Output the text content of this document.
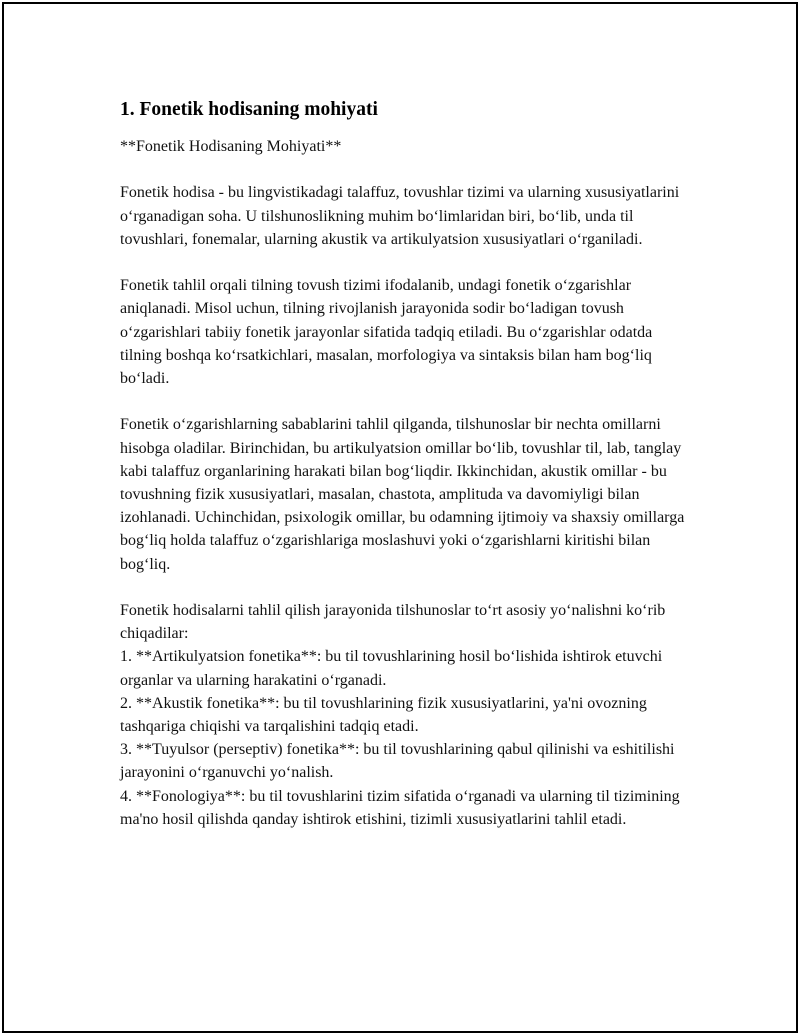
1. Fonetik hodisaning mohiyati
**Fonetik Hodisaning Mohiyati**

Fonetik hodisa - bu lingvistikadagi talaffuz, tovushlar tizimi va ularning xususiyatlarini oʻrganadigan soha. U tilshunoslikning muhim boʻlimlaridan biri, boʻlib, unda til tovushlari, fonemalar, ularning akustik va artikulyatsion xususiyatlari oʻrganiladi.

Fonetik tahlil orqali tilning tovush tizimi ifodalanib, undagi fonetik oʻzgarishlar aniqlanadi. Misol uchun, tilning rivojlanish jarayonida sodir boʻladigan tovush oʻzgarishlari tabiiy fonetik jarayonlar sifatida tadqiq etiladi. Bu oʻzgarishlar odatda tilning boshqa koʻrsatkichlari, masalan, morfologiya va sintaksis bilan ham bogʻliq boʻladi.

Fonetik oʻzgarishlarning sabablarini tahlil qilganda, tilshunoslar bir nechta omillarni hisobga oladilar. Birinchidan, bu artikulyatsion omillar boʻlib, tovushlar til, lab, tanglay kabi talaffuz organlarining harakati bilan bogʻliqdir. Ikkinchidan, akustik omillar - bu tovushning fizik xususiyatlari, masalan, chastota, amplituda va davomiyligi bilan izohlanadi. Uchinchidan, psixologik omillar, bu odamning ijtimoiy va shaxsiy omillarga bogʻliq holda talaffuz oʻzgarishlariga moslashuvi yoki oʻzgarishlarni kiritishi bilan bogʻliq.

Fonetik hodisalarni tahlil qilish jarayonida tilshunoslar toʻrt asosiy yoʻnalishni koʻrib chiqadilar:
1. **Artikulyatsion fonetika**: bu til tovushlarining hosil boʻlishida ishtirok etuvchi organlar va ularning harakatini oʻrganadi.
2. **Akustik fonetika**: bu til tovushlarining fizik xususiyatlarini, ya'ni ovozning tashqariga chiqishi va tarqalishini tadqiq etadi.
3. **Tuyulsor (perseptiv) fonetika**: bu til tovushlarining qabul qilinishi va eshitilishi jarayonini oʻrganuvchi yoʻnalish.
4. **Fonologiya**: bu til tovushlarini tizim sifatida oʻrganadi va ularning til tizimining ma'no hosil qilishda qanday ishtirok etishini, tizimli xususiyatlarini tahlil etadi.
